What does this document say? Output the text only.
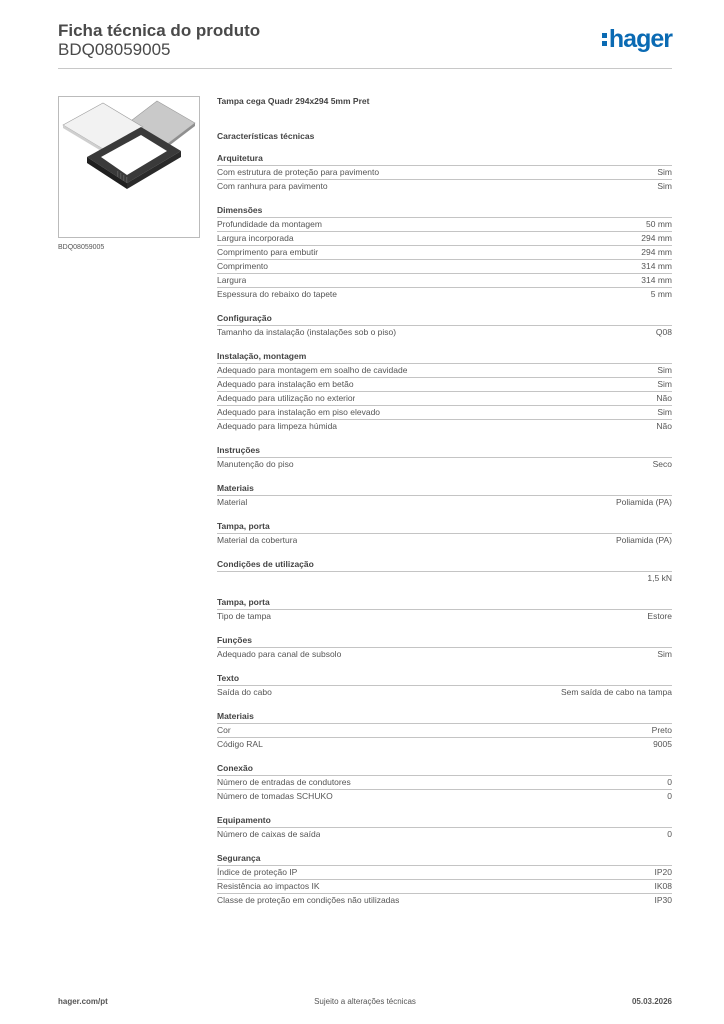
Ficha técnica do produto
BDQ08059005	hager
BDQ08059005
Tampa cega Quadr 294x294 5mm Pret
Características técnicas
Arquitetura
Com estrutura de proteção para pavimento	Sim
Com ranhura para pavimento	Sim
Dimensões
Profundidade da montagem	50 mm
Largura incorporada	294 mm
Comprimento para embutir	294 mm
Comprimento	314 mm
Largura	314 mm
Espessura do rebaixo do tapete	5 mm
Configuração
Tamanho da instalação (instalações sob o piso)	Q08
Instalação, montagem
Adequado para montagem em soalho de cavidade	Sim
Adequado para instalação em betão	Sim
Adequado para utilização no exterior	Não
Adequado para instalação em piso elevado	Sim
Adequado para limpeza húmida	Não
Instruções
Manutenção do piso	Seco
Materiais
Material	Poliamida (PA)
Tampa, porta
Material da cobertura	Poliamida (PA)
Condições de utilização
1,5 kN
Tampa, porta
Tipo de tampa	Estore
Funções
Adequado para canal de subsolo	Sim
Texto
Saída do cabo	Sem saída de cabo na tampa
Materiais
Cor	Preto
Código RAL	9005
Conexão
Número de entradas de condutores	0
Número de tomadas SCHUKO	0
Equipamento
Número de caixas de saída	0
Segurança
Índice de proteção IP	IP20
Resistência ao impactos IK	IK08
Classe de proteção em condições não utilizadas	IP30
hager.com/pt	Sujeito a alterações técnicas	05.03.2026
